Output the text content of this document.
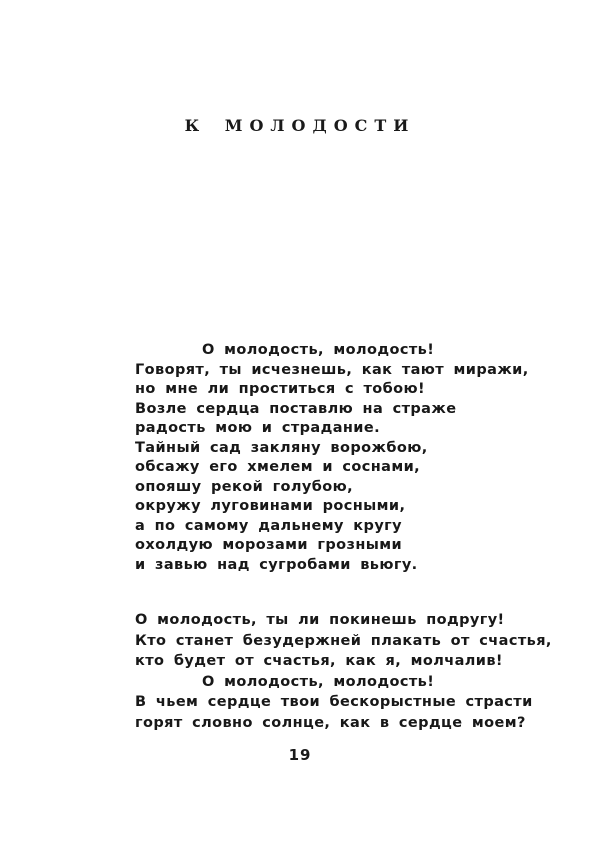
К МОЛОДОСТИ
О молодость, молодость!
Говорят, ты исчезнешь, как тают миражи,
но мне ли проститься с тобою!
Возле сердца поставлю на страже
радость мою и страдание.
Тайный сад закляну ворожбою,
обсажу его хмелем и соснами,
опояшу рекой голубою,
окружу луговинами росными,
а по самому дальнему кругу
охолдую морозами грозными
и завью над сугробами вьюгу.
О молодость, ты ли покинешь подругу!
Кто станет безудержней плакать от счастья,
кто будет от счастья, как я, молчалив!
О молодость, молодость!
В чьем сердце твои бескорыстные страсти
горят словно солнце, как в сердце моем?
19
